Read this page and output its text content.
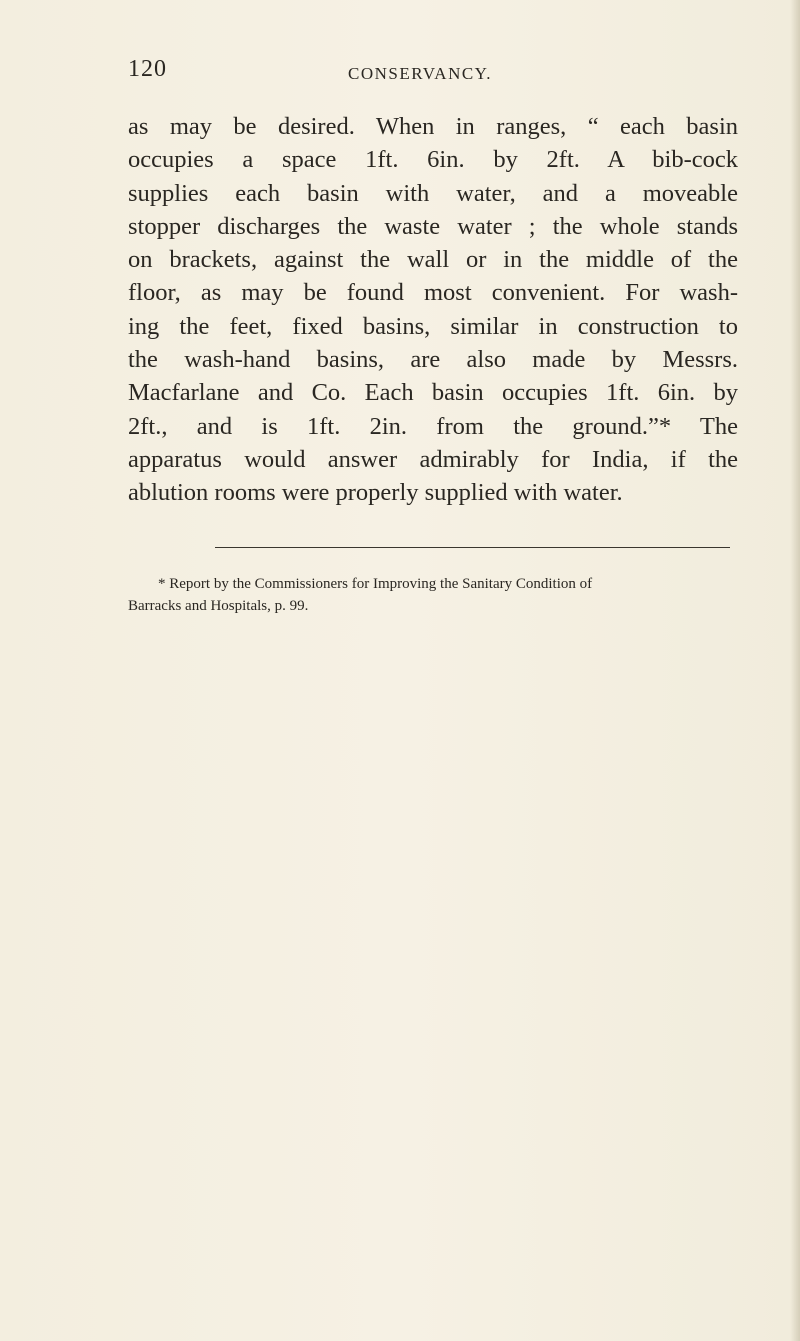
120	CONSERVANCY.
as may be desired. When in ranges, “ each basin
occupies a space 1ft. 6in. by 2ft. A bib-cock
supplies each basin with water, and a moveable
stopper discharges the waste water ; the whole stands
on brackets, against the wall or in the middle of the
floor, as may be found most convenient. For wash-
ing the feet, fixed basins, similar in construction to
the wash-hand basins, are also made by Messrs.
Macfarlane and Co. Each basin occupies 1ft. 6in. by
2ft., and is 1ft. 2in. from the ground.”* The
apparatus would answer admirably for India, if the
ablution rooms were properly supplied with water.
* Report by the Commissioners for Improving the Sanitary Condition of
Barracks and Hospitals, p. 99.
